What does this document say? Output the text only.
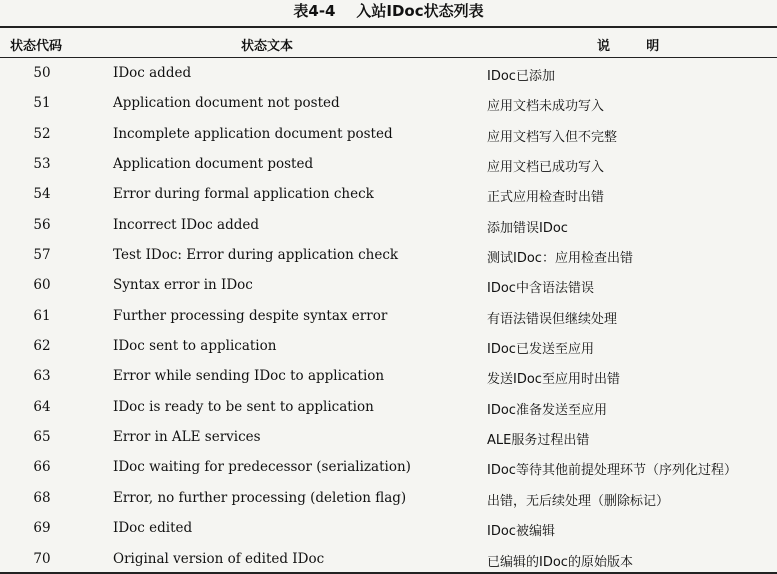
表4-4    入站IDoc状态列表
状态代码	状态文本	说        明
50	IDoc added	IDoc已添加
51	Application document not posted	应用文档未成功写入
52	Incomplete application document posted	应用文档写入但不完整
53	Application document posted	应用文档已成功写入
54	Error during formal application check	正式应用检查时出错
56	Incorrect IDoc added	添加错误IDoc
57	Test IDoc: Error during application check	测试IDoc：应用检查出错
60	Syntax error in IDoc	IDoc中含语法错误
61	Further processing despite syntax error	有语法错误但继续处理
62	IDoc sent to application	IDoc已发送至应用
63	Error while sending IDoc to application	发送IDoc至应用时出错
64	IDoc is ready to be sent to application	IDoc准备发送至应用
65	Error in ALE services	ALE服务过程出错
66	IDoc waiting for predecessor (serialization)	IDoc等待其他前提处理环节（序列化过程）
68	Error, no further processing (deletion flag)	出错，无后续处理（删除标记）
69	IDoc edited	IDoc被编辑
70	Original version of edited IDoc	已编辑的IDoc的原始版本
